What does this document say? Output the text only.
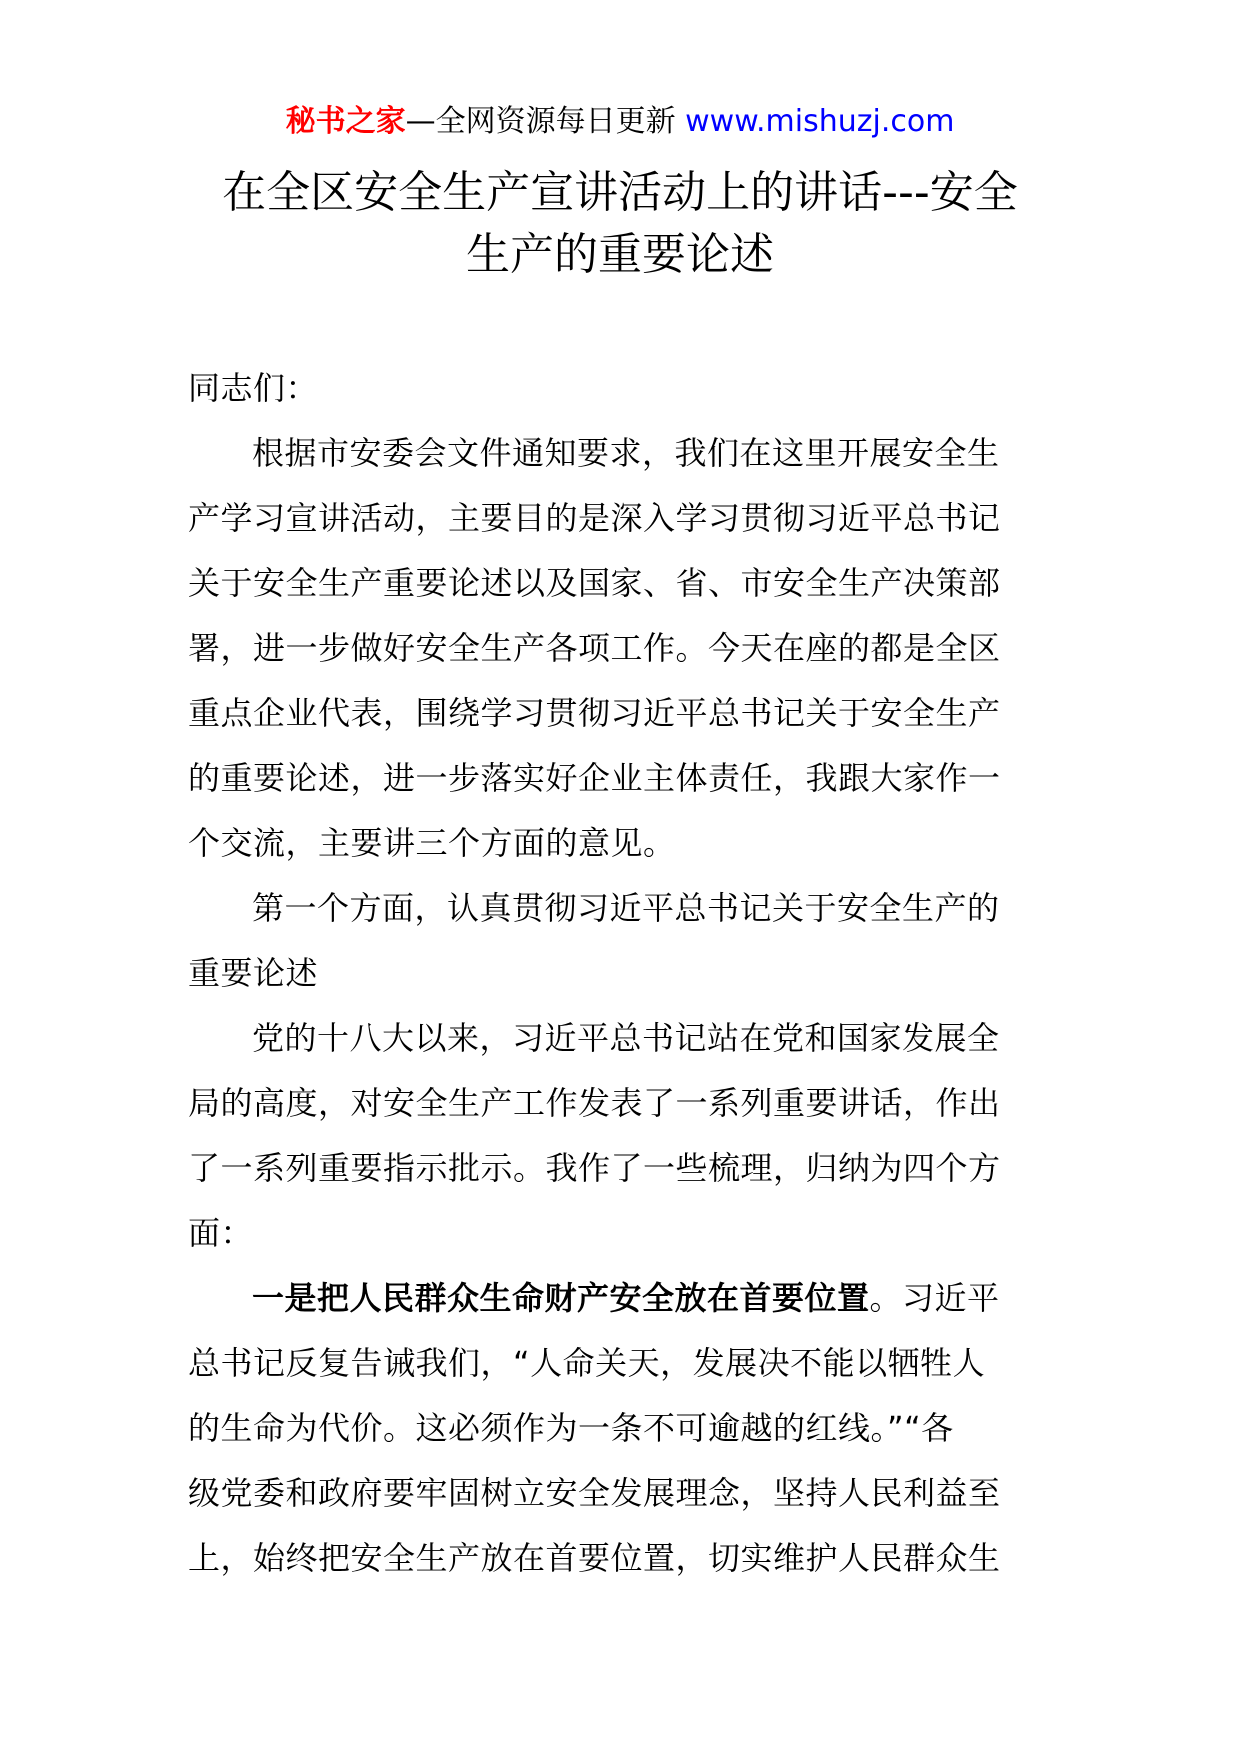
秘书之家—全网资源每日更新 www.mishuzj.com
在全区安全生产宣讲活动上的讲话---安全
生产的重要论述
同志们：
根据市安委会文件通知要求，我们在这里开展安全生
产学习宣讲活动，主要目的是深入学习贯彻习近平总书记
关于安全生产重要论述以及国家、省、市安全生产决策部
署，进一步做好安全生产各项工作。今天在座的都是全区
重点企业代表，围绕学习贯彻习近平总书记关于安全生产
的重要论述，进一步落实好企业主体责任，我跟大家作一
个交流，主要讲三个方面的意见。
第一个方面，认真贯彻习近平总书记关于安全生产的
重要论述
党的十八大以来，习近平总书记站在党和国家发展全
局的高度，对安全生产工作发表了一系列重要讲话，作出
了一系列重要指示批示。我作了一些梳理，归纳为四个方
面：
一是把人民群众生命财产安全放在首要位置。习近平
总书记反复告诫我们，“人命关天，发展决不能以牺牲人
的生命为代价。这必须作为一条不可逾越的红线。”“各
级党委和政府要牢固树立安全发展理念，坚持人民利益至
上，始终把安全生产放在首要位置，切实维护人民群众生
